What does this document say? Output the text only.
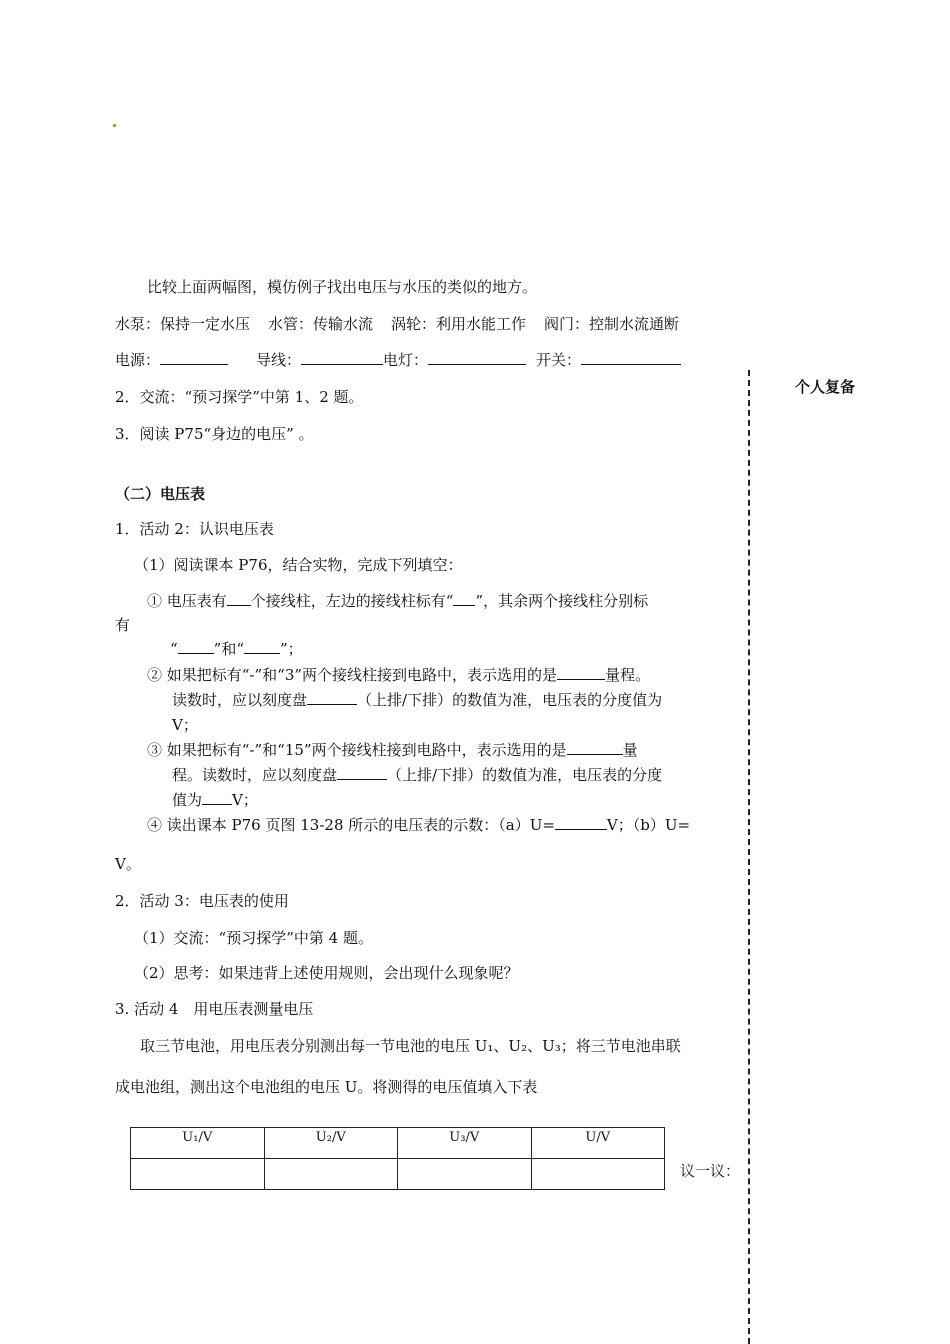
个人复备
比较上面两幅图，模仿例子找出电压与水压的类似的地方。
水泵：保持一定水压 水管：传输水流 涡轮：利用水能工作 阀门：控制水流通断
电源：	导线：	电灯：	开关：
2．交流：“预习探学”中第 1、2 题。
3．阅读 P75“身边的电压” 。
（二）电压表
1．活动 2：认识电压表
（1）阅读课本 P76，结合实物，完成下列填空：
① 电压表有 个接线柱，左边的接线柱标有“ ”，其余两个接线柱分别标
有
“ ”和“ ”；
② 如果把标有“-”和“3”两个接线柱接到电路中，表示选用的是	量程。
读数时，应以刻度盘	（上排/下排）的数值为准，电压表的分度值为
V；
③ 如果把标有“-”和“15”两个接线柱接到电路中，表示选用的是	量
程。读数时，应以刻度盘	（上排/下排）的数值为准，电压表的分度
值为 V；
④ 读出课本 P76 页图 13-28 所示的电压表的示数：（a）U=	V；（b）U=
V。
2．活动 3：电压表的使用
（1）交流：“预习探学”中第 4 题。
（2）思考：如果违背上述使用规则，会出现什么现象呢？
3. 活动 4　用电压表测量电压
取三节电池，用电压表分别测出每一节电池的电压 U₁、U₂、U₃；将三节电池串联
成电池组，测出这个电池组的电压 U。将测得的电压值填入下表
U₁/V	U₂/V	U₃/V	U/V

议一议：
